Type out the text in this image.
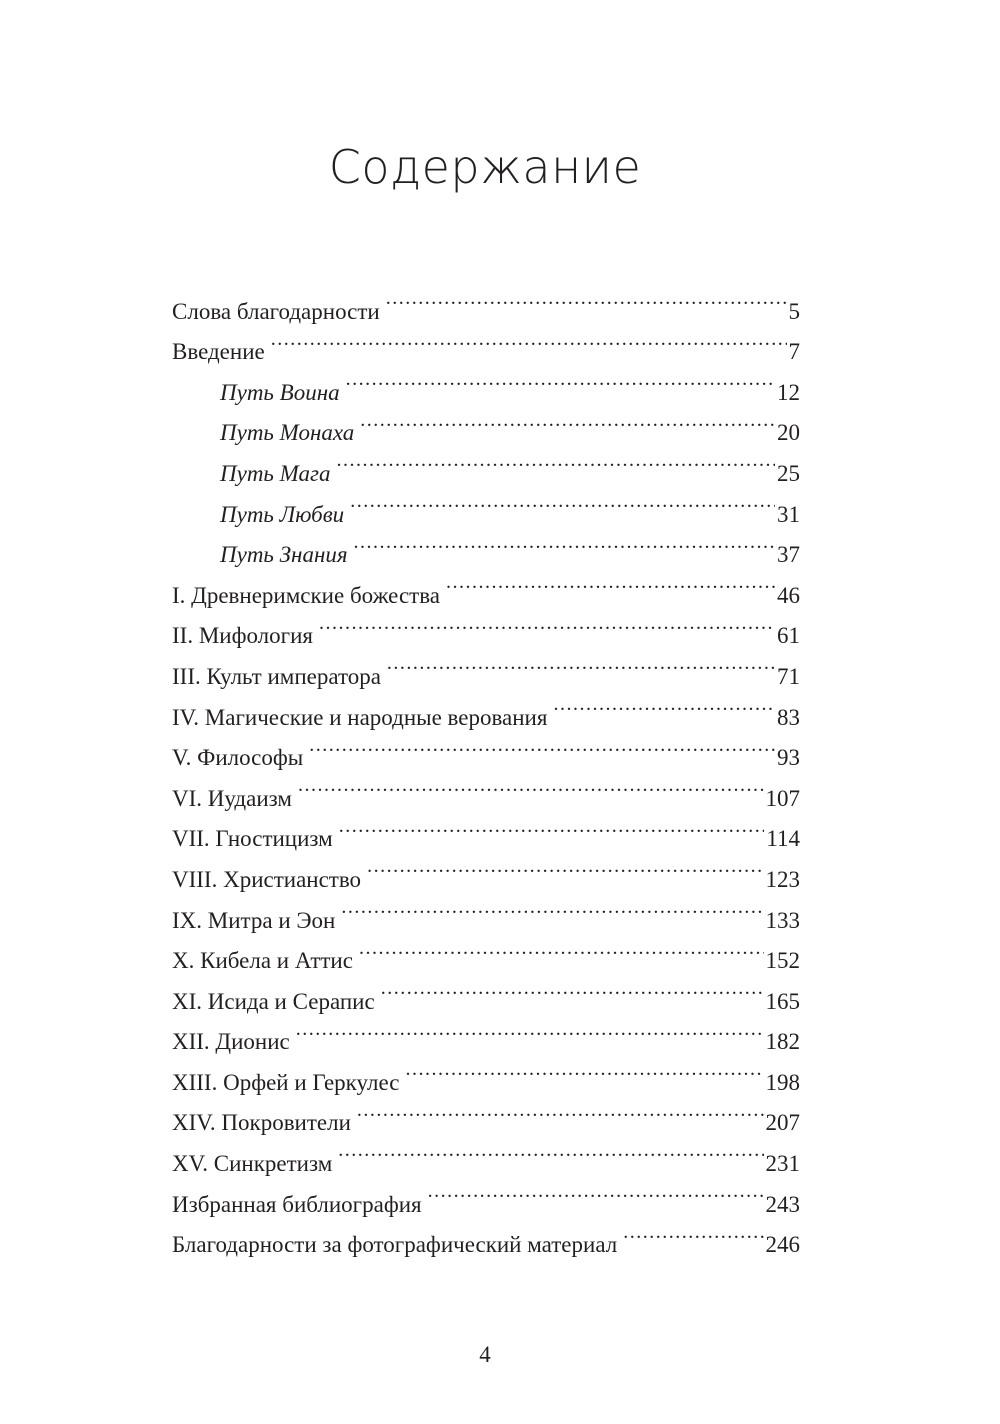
Содержание
Слова благодарности .....	5
Введение .....	7
Путь Воина .....	12
Путь Монаха .....	20
Путь Мага .....	25
Путь Любви .....	31
Путь Знания .....	37
I. Древнеримские божества .....	46
II. Мифология .....	61
III. Культ императора .....	71
IV. Магические и народные верования .....	83
V. Философы .....	93
VI. Иудаизм .....	107
VII. Гностицизм .....	114
VIII. Христианство .....	123
IX. Митра и Эон .....	133
X. Кибела и Аттис .....	152
XI. Исида и Серапис .....	165
XII. Дионис .....	182
XIII. Орфей и Геркулес .....	198
XIV. Покровители .....	207
XV. Синкретизм .....	231
Избранная библиография .....	243
Благодарности за фотографический материал .....	246
4
